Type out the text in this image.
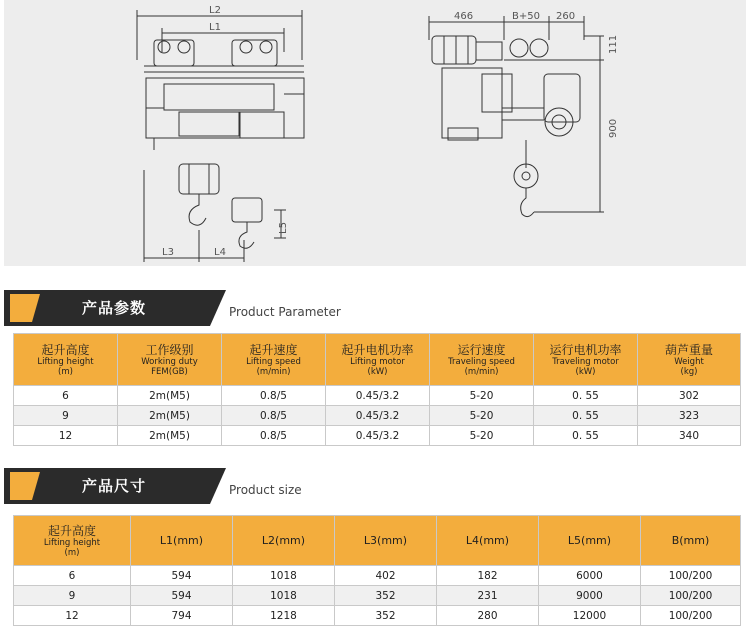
L2
L1
L3	L4
L5
466	B+50 260
111
900
产品参数	Product Parameter
起升高度
Lifting height
(m)	工作级别
Working duty
FEM(GB)	起升速度
Lifting speed
(m/min)	起升电机功率
Lifting motor
(kW)	运行速度
Traveling speed
(m/min)	运行电机功率
Traveling motor
(kW)	葫芦重量
Weight
(kg)

6	2m(M5)	0.8/5	0.45/3.2	5-20	0. 55	302
9	2m(M5)	0.8/5	0.45/3.2	5-20	0. 55	323
12	2m(M5)	0.8/5	0.45/3.2	5-20	0. 55	340
产品尺寸	Product size
起升高度
Lifting height
(m)	L1(mm)	L2(mm)	L3(mm)	L4(mm)	L5(mm)	B(mm)
6	594	1018	402	182	6000	100/200
9	594	1018	352	231	9000	100/200
12	794	1218	352	280	12000	100/200
